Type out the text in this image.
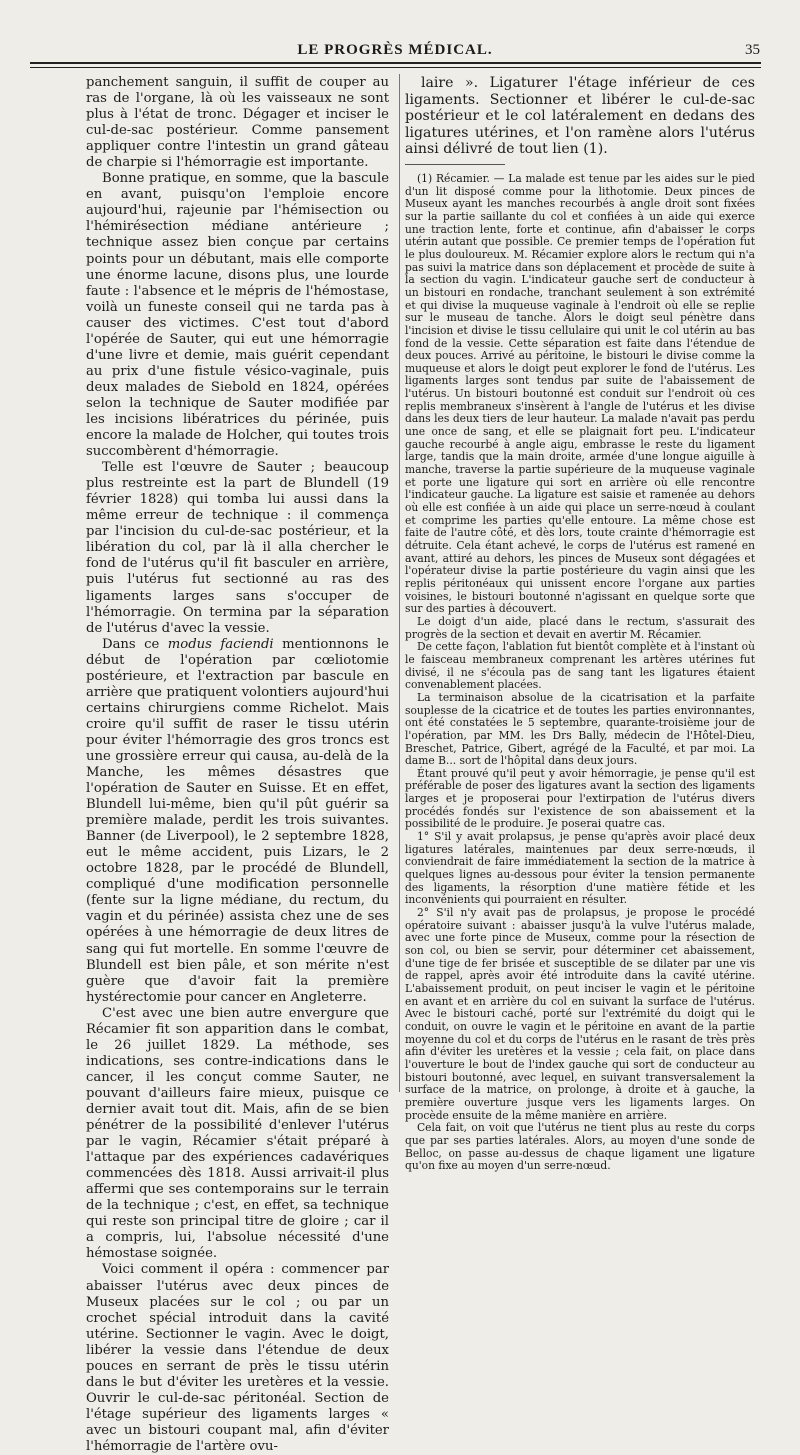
LE PROGRÈS MÉDICAL.	35

panchement sanguin, il suffit de couper au ras de l'organe, là où les vaisseaux ne sont plus à l'état de tronc. Dégager et inciser le cul-de-sac postérieur. Comme pansement appliquer contre l'intestin un grand gâteau de charpie si l'hémorragie est importante.

Bonne pratique, en somme, que la bascule en avant, puisqu'on l'emploie encore aujourd'hui, rajeunie par l'hémisection ou l'hémirésection médiane antérieure ; technique assez bien conçue par certains points pour un débutant, mais elle comporte une énorme lacune, disons plus, une lourde faute : l'absence et le mépris de l'hémostase, voilà un funeste conseil qui ne tarda pas à causer des victimes. C'est tout d'abord l'opérée de Sauter, qui eut une hémorragie d'une livre et demie, mais guérit cependant au prix d'une fistule vésico-vaginale, puis deux malades de Siebold en 1824, opérées selon la technique de Sauter modifiée par les incisions libératrices du périnée, puis encore la malade de Holcher, qui toutes trois succombèrent d'hémorragie.

Telle est l'œuvre de Sauter ; beaucoup plus restreinte est la part de Blundell (19 février 1828) qui tomba lui aussi dans la même erreur de technique : il commença par l'incision du cul-de-sac postérieur, et la libération du col, par là il alla chercher le fond de l'utérus qu'il fit basculer en arrière, puis l'utérus fut sectionné au ras des ligaments larges sans s'occuper de l'hémorragie. On termina par la séparation de l'utérus d'avec la vessie.

Dans ce modus faciendi mentionnons le début de l'opération par cœliotomie postérieure, et l'extraction par bascule en arrière que pratiquent volontiers aujourd'hui certains chirurgiens comme Richelot. Mais croire qu'il suffit de raser le tissu utérin pour éviter l'hémorragie des gros troncs est une grossière erreur qui causa, au-delà de la Manche, les mêmes désastres que l'opération de Sauter en Suisse. Et en effet, Blundell lui-même, bien qu'il pût guérir sa première malade, perdit les trois suivantes. Banner (de Liverpool), le 2 septembre 1828, eut le même accident, puis Lizars, le 2 octobre 1828, par le procédé de Blundell, compliqué d'une modification personnelle (fente sur la ligne médiane, du rectum, du vagin et du périnée) assista chez une de ses opérées à une hémorragie de deux litres de sang qui fut mortelle. En somme l'œuvre de Blundell est bien pâle, et son mérite n'est guère que d'avoir fait la première hystérectomie pour cancer en Angleterre.

C'est avec une bien autre envergure que Récamier fit son apparition dans le combat, le 26 juillet 1829. La méthode, ses indications, ses contre-indications dans le cancer, il les conçut comme Sauter, ne pouvant d'ailleurs faire mieux, puisque ce dernier avait tout dit. Mais, afin de se bien pénétrer de la possibilité d'enlever l'utérus par le vagin, Récamier s'était préparé à l'attaque par des expériences cadavériques commencées dès 1818. Aussi arrivait-il plus affermi que ses contemporains sur le terrain de la technique ; c'est, en effet, sa technique qui reste son principal titre de gloire ; car il a compris, lui, l'absolue nécessité d'une hémostase soignée.

Voici comment il opéra : commencer par abaisser l'utérus avec deux pinces de Museux placées sur le col ; ou par un crochet spécial introduit dans la cavité utérine. Sectionner le vagin. Avec le doigt, libérer la vessie dans l'étendue de deux pouces en serrant de près le tissu utérin dans le but d'éviter les uretères et la vessie. Ouvrir le cul-de-sac péritonéal. Section de l'étage supérieur des ligaments larges « avec un bistouri coupant mal, afin d'éviter l'hémorragie de l'artère ovu-

laire ». Ligaturer l'étage inférieur de ces ligaments. Sectionner et libérer le cul-de-sac postérieur et le col latéralement en dedans des ligatures utérines, et l'on ramène alors l'utérus ainsi délivré de tout lien (1).

(1) Récamier. — La malade est tenue par les aides sur le pied d'un lit disposé comme pour la lithotomie. Deux pinces de Museux ayant les manches recourbés à angle droit sont fixées sur la partie saillante du col et confiées à un aide qui exerce une traction lente, forte et continue, afin d'abaisser le corps utérin autant que possible. Ce premier temps de l'opération fut le plus douloureux. M. Récamier explore alors le rectum qui n'a pas suivi la matrice dans son déplacement et procède de suite à la section du vagin. L'indicateur gauche sert de conducteur à un bistouri en rondache, tranchant seulement à son extrémité et qui divise la muqueuse vaginale à l'endroit où elle se replie sur le museau de tanche. Alors le doigt seul pénètre dans l'incision et divise le tissu cellulaire qui unit le col utérin au bas fond de la vessie. Cette séparation est faite dans l'étendue de deux pouces. Arrivé au péritoine, le bistouri le divise comme la muqueuse et alors le doigt peut explorer le fond de l'utérus. Les ligaments larges sont tendus par suite de l'abaissement de l'utérus. Un bistouri boutonné est conduit sur l'endroit où ces replis membraneux s'insèrent à l'angle de l'utérus et les divise dans les deux tiers de leur hauteur. La malade n'avait pas perdu une once de sang, et elle se plaignait fort peu. L'indicateur gauche recourbé à angle aigu, embrasse le reste du ligament large, tandis que la main droite, armée d'une longue aiguille à manche, traverse la partie supérieure de la muqueuse vaginale et porte une ligature qui sort en arrière où elle rencontre l'indicateur gauche. La ligature est saisie et ramenée au dehors où elle est confiée à un aide qui place un serre-nœud à coulant et comprime les parties qu'elle entoure. La même chose est faite de l'autre côté, et dès lors, toute crainte d'hémorragie est détruite. Cela étant achevé, le corps de l'utérus est ramené en avant, attiré au dehors, les pinces de Museux sont dégagées et l'opérateur divise la partie postérieure du vagin ainsi que les replis péritonéaux qui unissent encore l'organe aux parties voisines, le bistouri boutonné n'agissant en quelque sorte que sur des parties à découvert.

Le doigt d'un aide, placé dans le rectum, s'assurait des progrès de la section et devait en avertir M. Récamier.

De cette façon, l'ablation fut bientôt complète et à l'instant où le faisceau membraneux comprenant les artères utérines fut divisé, il ne s'écoula pas de sang tant les ligatures étaient convenablement placées.

La terminaison absolue de la cicatrisation et la parfaite souplesse de la cicatrice et de toutes les parties environnantes, ont été constatées le 5 septembre, quarante-troisième jour de l'opération, par MM. les Drs Bally, médecin de l'Hôtel-Dieu, Breschet, Patrice, Gibert, agrégé de la Faculté, et par moi. La dame B... sort de l'hôpital dans deux jours.

Étant prouvé qu'il peut y avoir hémorragie, je pense qu'il est préférable de poser des ligatures avant la section des ligaments larges et je proposerai pour l'extirpation de l'utérus divers procédés fondés sur l'existence de son abaissement et la possibilité de le produire. Je poserai quatre cas.

1° S'il y avait prolapsus, je pense qu'après avoir placé deux ligatures latérales, maintenues par deux serre-nœuds, il conviendrait de faire immédiatement la section de la matrice à quelques lignes au-dessous pour éviter la tension permanente des ligaments, la résorption d'une matière fétide et les inconvénients qui pourraient en résulter.

2° S'il n'y avait pas de prolapsus, je propose le procédé opératoire suivant : abaisser jusqu'à la vulve l'utérus malade, avec une forte pince de Museux, comme pour la résection de son col, ou bien se servir, pour déterminer cet abaissement, d'une tige de fer brisée et susceptible de se dilater par une vis de rappel, après avoir été introduite dans la cavité utérine. L'abaissement produit, on peut inciser le vagin et le péritoine en avant et en arrière du col en suivant la surface de l'utérus. Avec le bistouri caché, porté sur l'extrémité du doigt qui le conduit, on ouvre le vagin et le péritoine en avant de la partie moyenne du col et du corps de l'utérus en le rasant de très près afin d'éviter les uretères et la vessie ; cela fait, on place dans l'ouverture le bout de l'index gauche qui sort de conducteur au bistouri boutonné, avec lequel, en suivant transversalement la surface de la matrice, on prolonge, à droite et à gauche, la première ouverture jusque vers les ligaments larges. On procède ensuite de la même manière en arrière.

Cela fait, on voit que l'utérus ne tient plus au reste du corps que par ses parties latérales. Alors, au moyen d'une sonde de Belloc, on passe au-dessus de chaque ligament une ligature qu'on fixe au moyen d'un serre-nœud.
